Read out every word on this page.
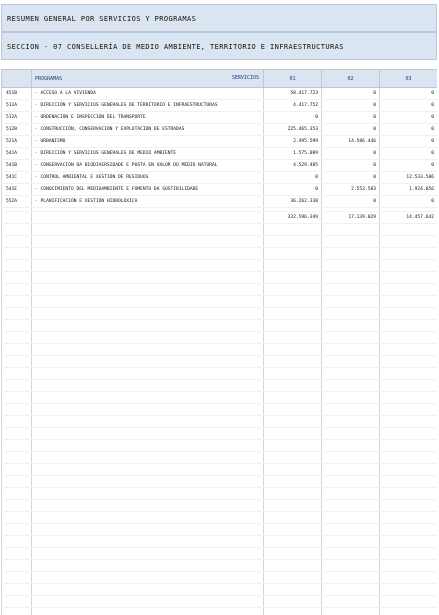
RESUMEN GENERAL POR SERVICIOS Y PROGRAMAS
SECCION - 07 CONSELLERÍA DE MEDIO AMBIENTE, TERRITORIO E INFRAESTRUCTURAS
	PROGRAMAS SERVICIOS	01	02	03
451B	- ACCESO A LA VIVIENDA	58.417.723	0	0
511A	- DIRECCIÓN Y SERVICIOS GENERALES DE TERRITORIO E INFRAESTRUCTURAS	4.417.752	0	0
512A	- ORDENACIÓN E INSPECCIÓN DEL TRANSPORTE	0	0	0
512B	- CONSTRUCCIÓN, CONSERVACIÓN Y EXPLOTACIÓN DE ESTRADAS	225.465.353	0	0
521A	- URBANISMO	2.495.599	14.586.446	0
541A	- DIRECCIÓN Y SERVICIOS GENERALES DE MEDIO AMBIENTE	1.575.089	0	0
541B	- CONSERVACIÓN DA BIODIVERSIDADE E POSTA EN VALOR DO MEDIO NATURAL	4.529.485	0	0
541C	- CONTROL AMBIENTAL E XESTIÓN DE RESIDUOS	0	0	12.533.586
541E	- CONOCIMIENTO DEL MEDIOAMBIENTE E FOMENTO DA SOSTIBILIDADE	0	2.553.583	1.924.056
552A	- PLANIFICACIÓN E XESTIÓN HIDROLÓXICA	36.262.338	0	0

		332.596.349	17.139.029	14.457.642
